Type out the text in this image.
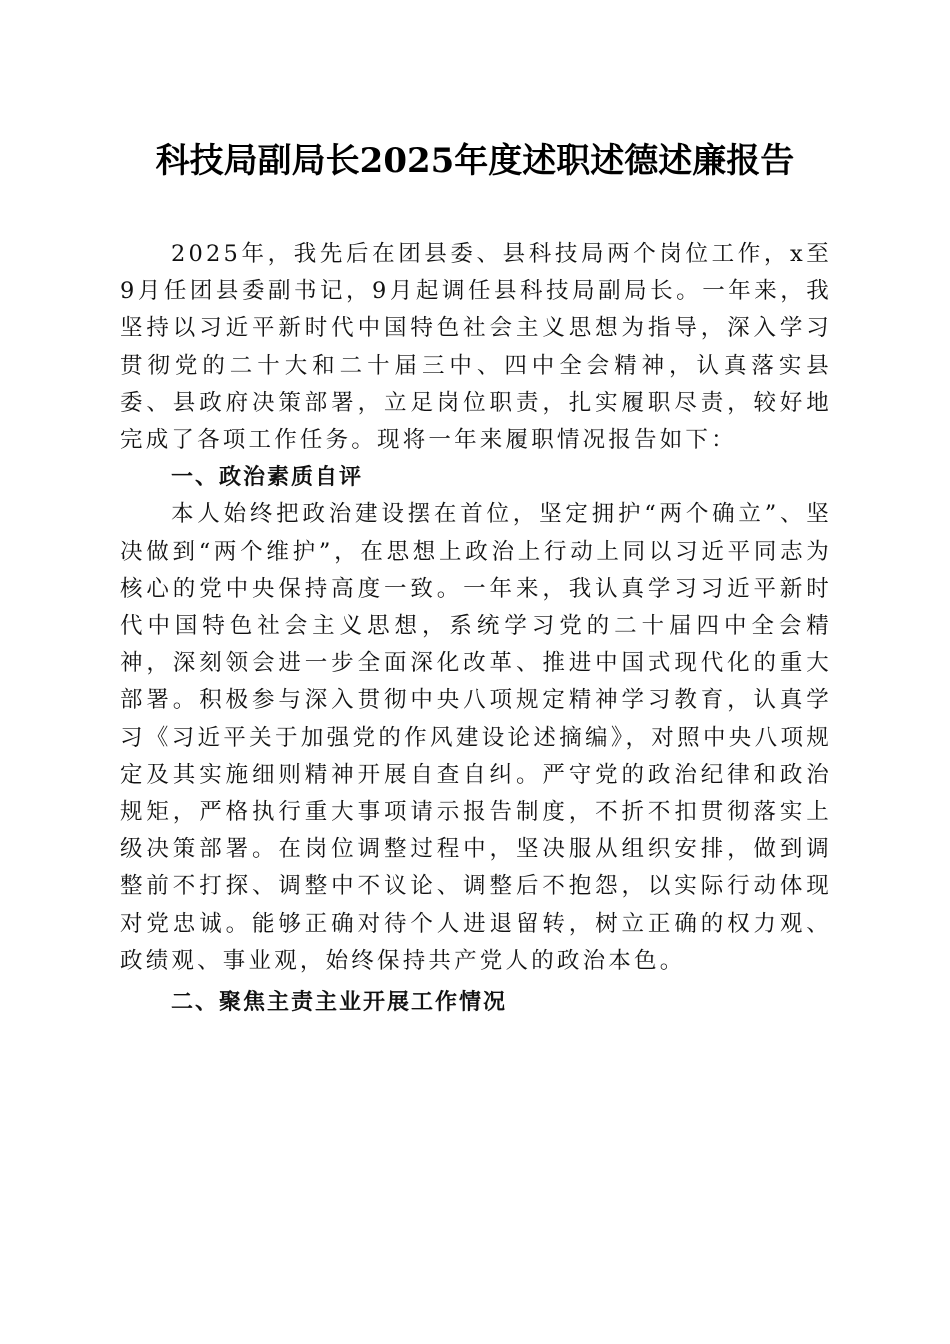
科技局副局长2025年度述职述德述廉报告

2025年，我先后在团县委、县科技局两个岗位工作，x至9月任团县委副书记，9月起调任县科技局副局长。一年来，我坚持以习近平新时代中国特色社会主义思想为指导，深入学习贯彻党的二十大和二十届三中、四中全会精神，认真落实县委、县政府决策部署，立足岗位职责，扎实履职尽责，较好地完成了各项工作任务。现将一年来履职情况报告如下：

一、政治素质自评

本人始终把政治建设摆在首位，坚定拥护“两个确立”、坚决做到“两个维护”，在思想上政治上行动上同以习近平同志为核心的党中央保持高度一致。一年来，我认真学习习近平新时代中国特色社会主义思想，系统学习党的二十届四中全会精神，深刻领会进一步全面深化改革、推进中国式现代化的重大部署。积极参与深入贯彻中央八项规定精神学习教育，认真学习《习近平关于加强党的作风建设论述摘编》，对照中央八项规定及其实施细则精神开展自查自纠。严守党的政治纪律和政治规矩，严格执行重大事项请示报告制度，不折不扣贯彻落实上级决策部署。在岗位调整过程中，坚决服从组织安排，做到调整前不打探、调整中不议论、调整后不抱怨，以实际行动体现对党忠诚。能够正确对待个人进退留转，树立正确的权力观、政绩观、事业观，始终保持共产党人的政治本色。

二、聚焦主责主业开展工作情况
